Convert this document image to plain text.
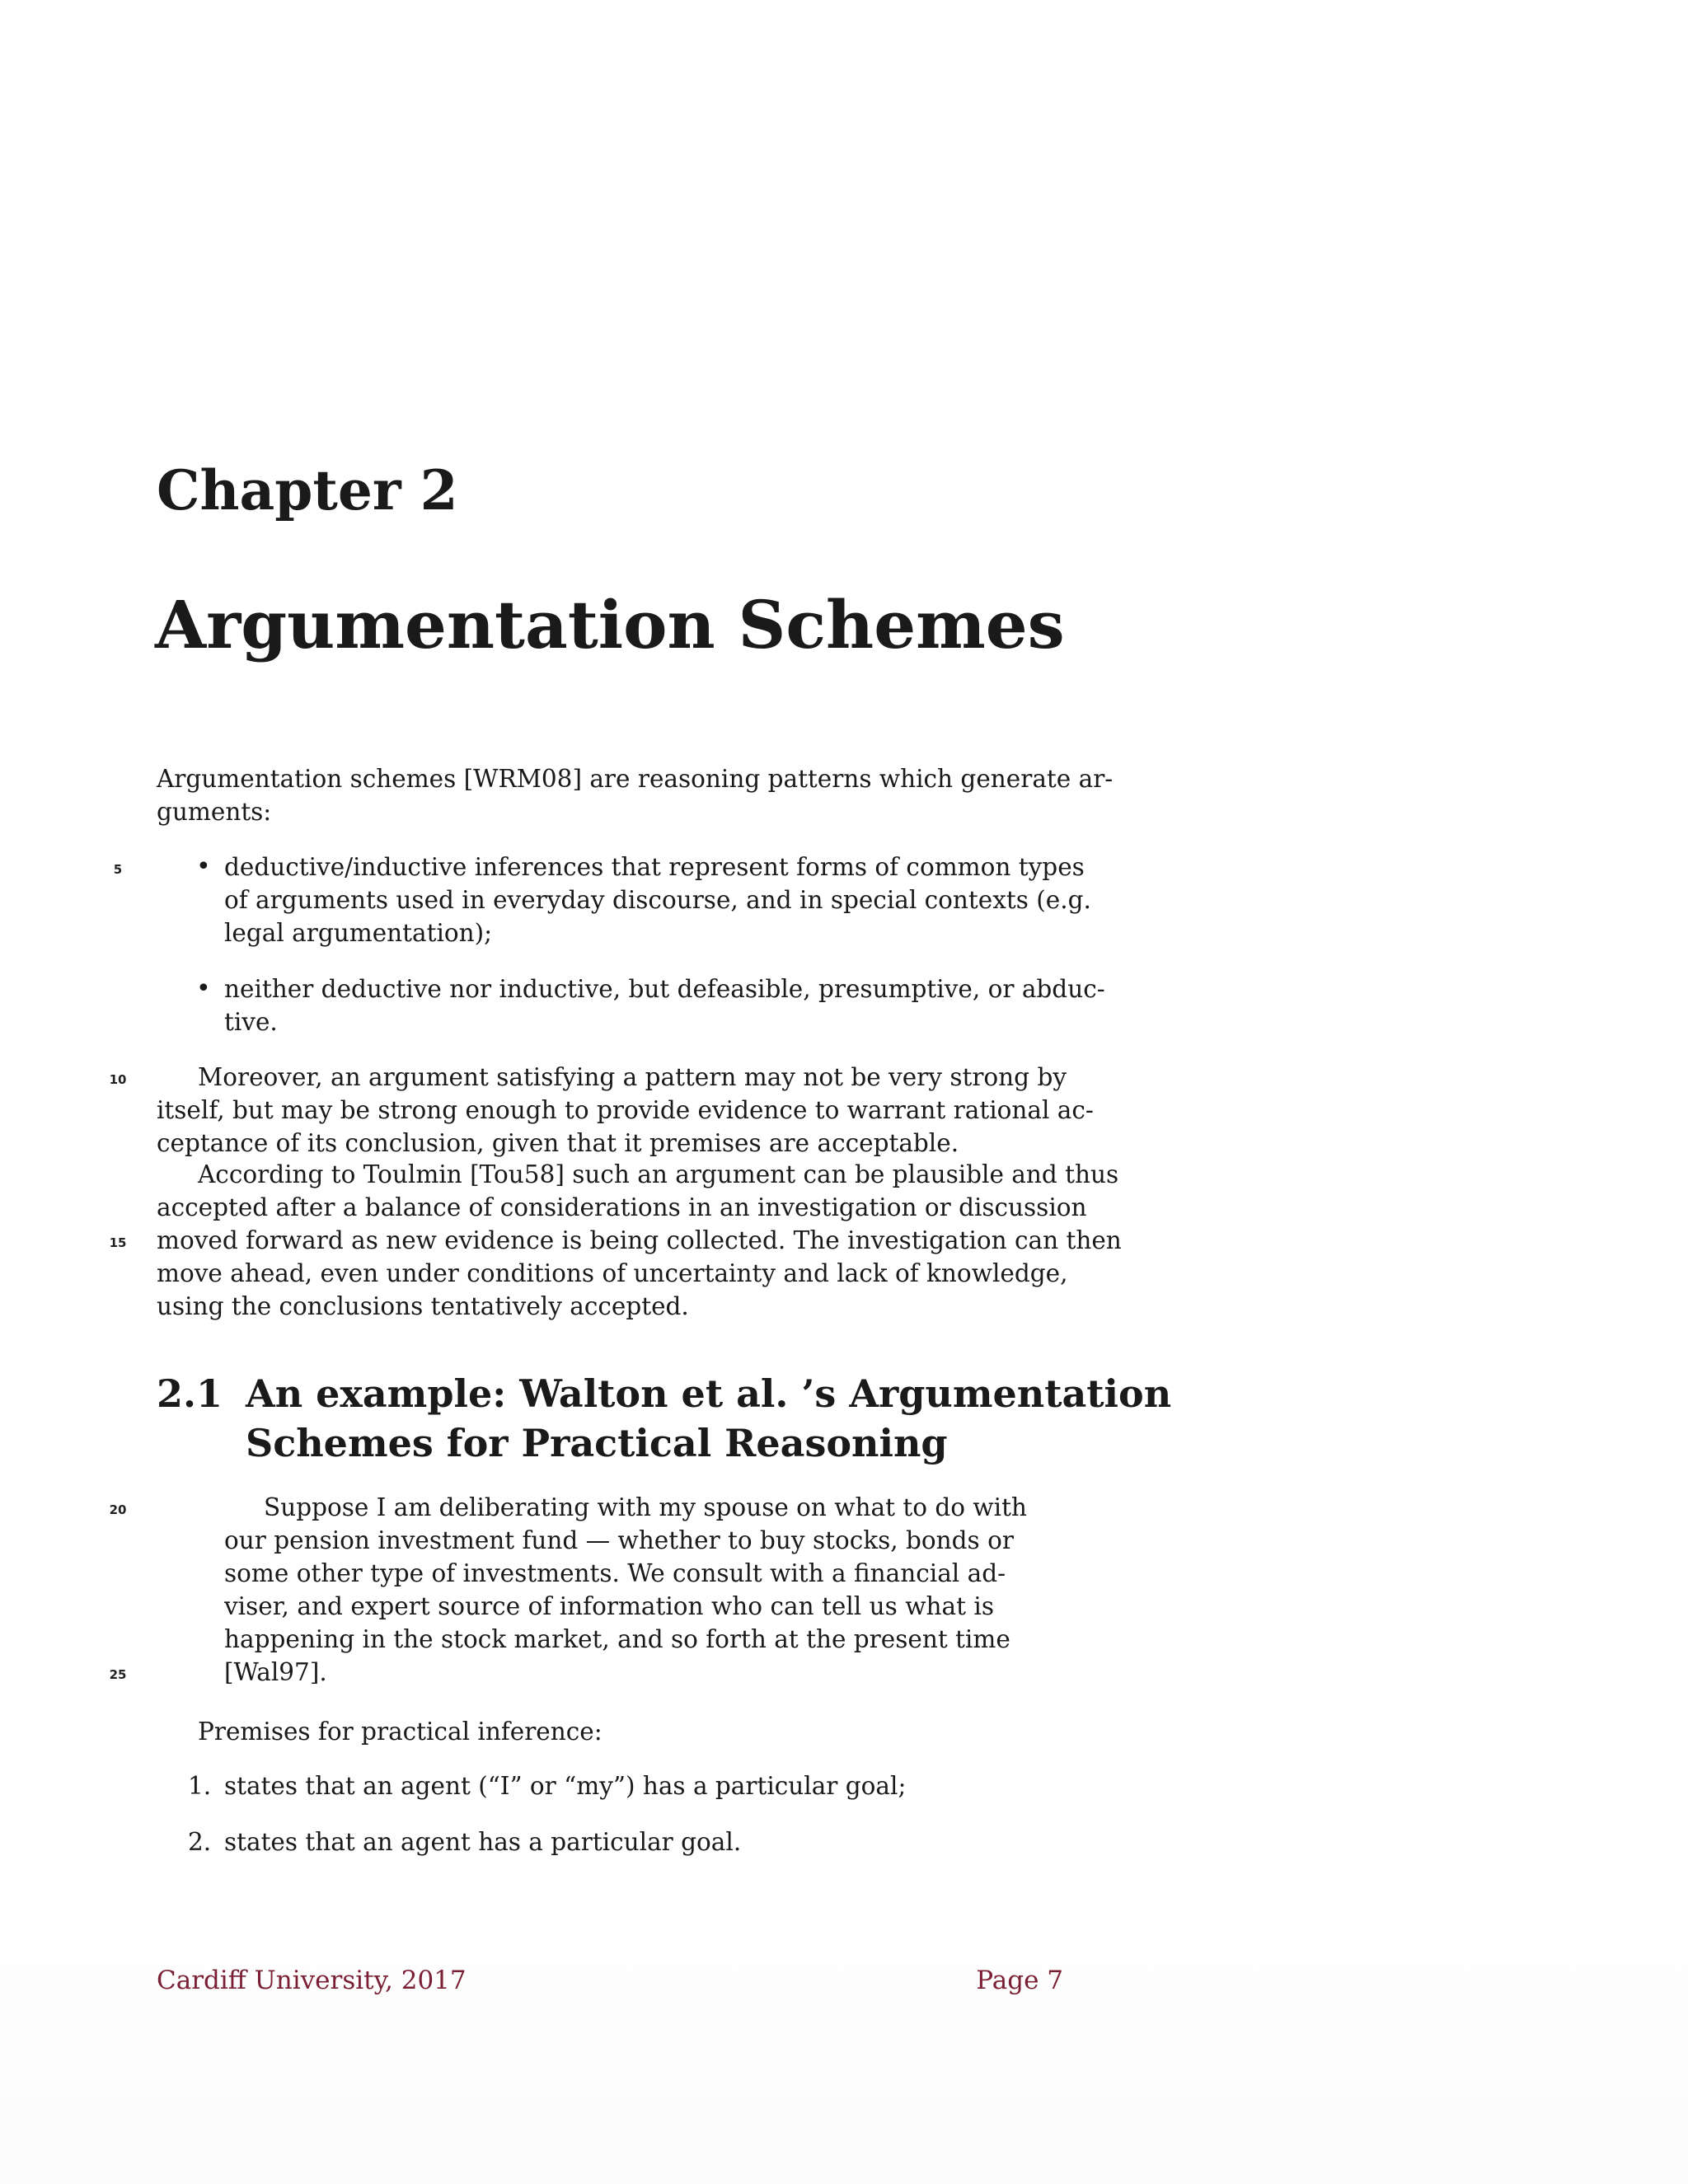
Chapter 2
Argumentation Schemes
Argumentation schemes [WRM08] are reasoning patterns which generate ar-
guments:
5	• deductive/inductive inferences that represent forms of common types
of arguments used in everyday discourse, and in special contexts (e.g.
legal argumentation);
• neither deductive nor inductive, but defeasible, presumptive, or abduc-
tive.
10	Moreover, an argument satisfying a pattern may not be very strong by
itself, but may be strong enough to provide evidence to warrant rational ac-
ceptance of its conclusion, given that it premises are acceptable.
According to Toulmin [Tou58] such an argument can be plausible and thus
accepted after a balance of considerations in an investigation or discussion
15 moved forward as new evidence is being collected. The investigation can then
move ahead, even under conditions of uncertainty and lack of knowledge,
using the conclusions tentatively accepted.
2.1 An example: Walton et al. ’s Argumentation
Schemes for Practical Reasoning
20	Suppose I am deliberating with my spouse on what to do with
our pension investment fund — whether to buy stocks, bonds or
some other type of investments. We consult with a financial ad-
viser, and expert source of information who can tell us what is
happening in the stock market, and so forth at the present time
25	[Wal97].
Premises for practical inference:
1. states that an agent (“I” or “my”) has a particular goal;
2. states that an agent has a particular goal.
Cardiff University, 2017	Page 7
